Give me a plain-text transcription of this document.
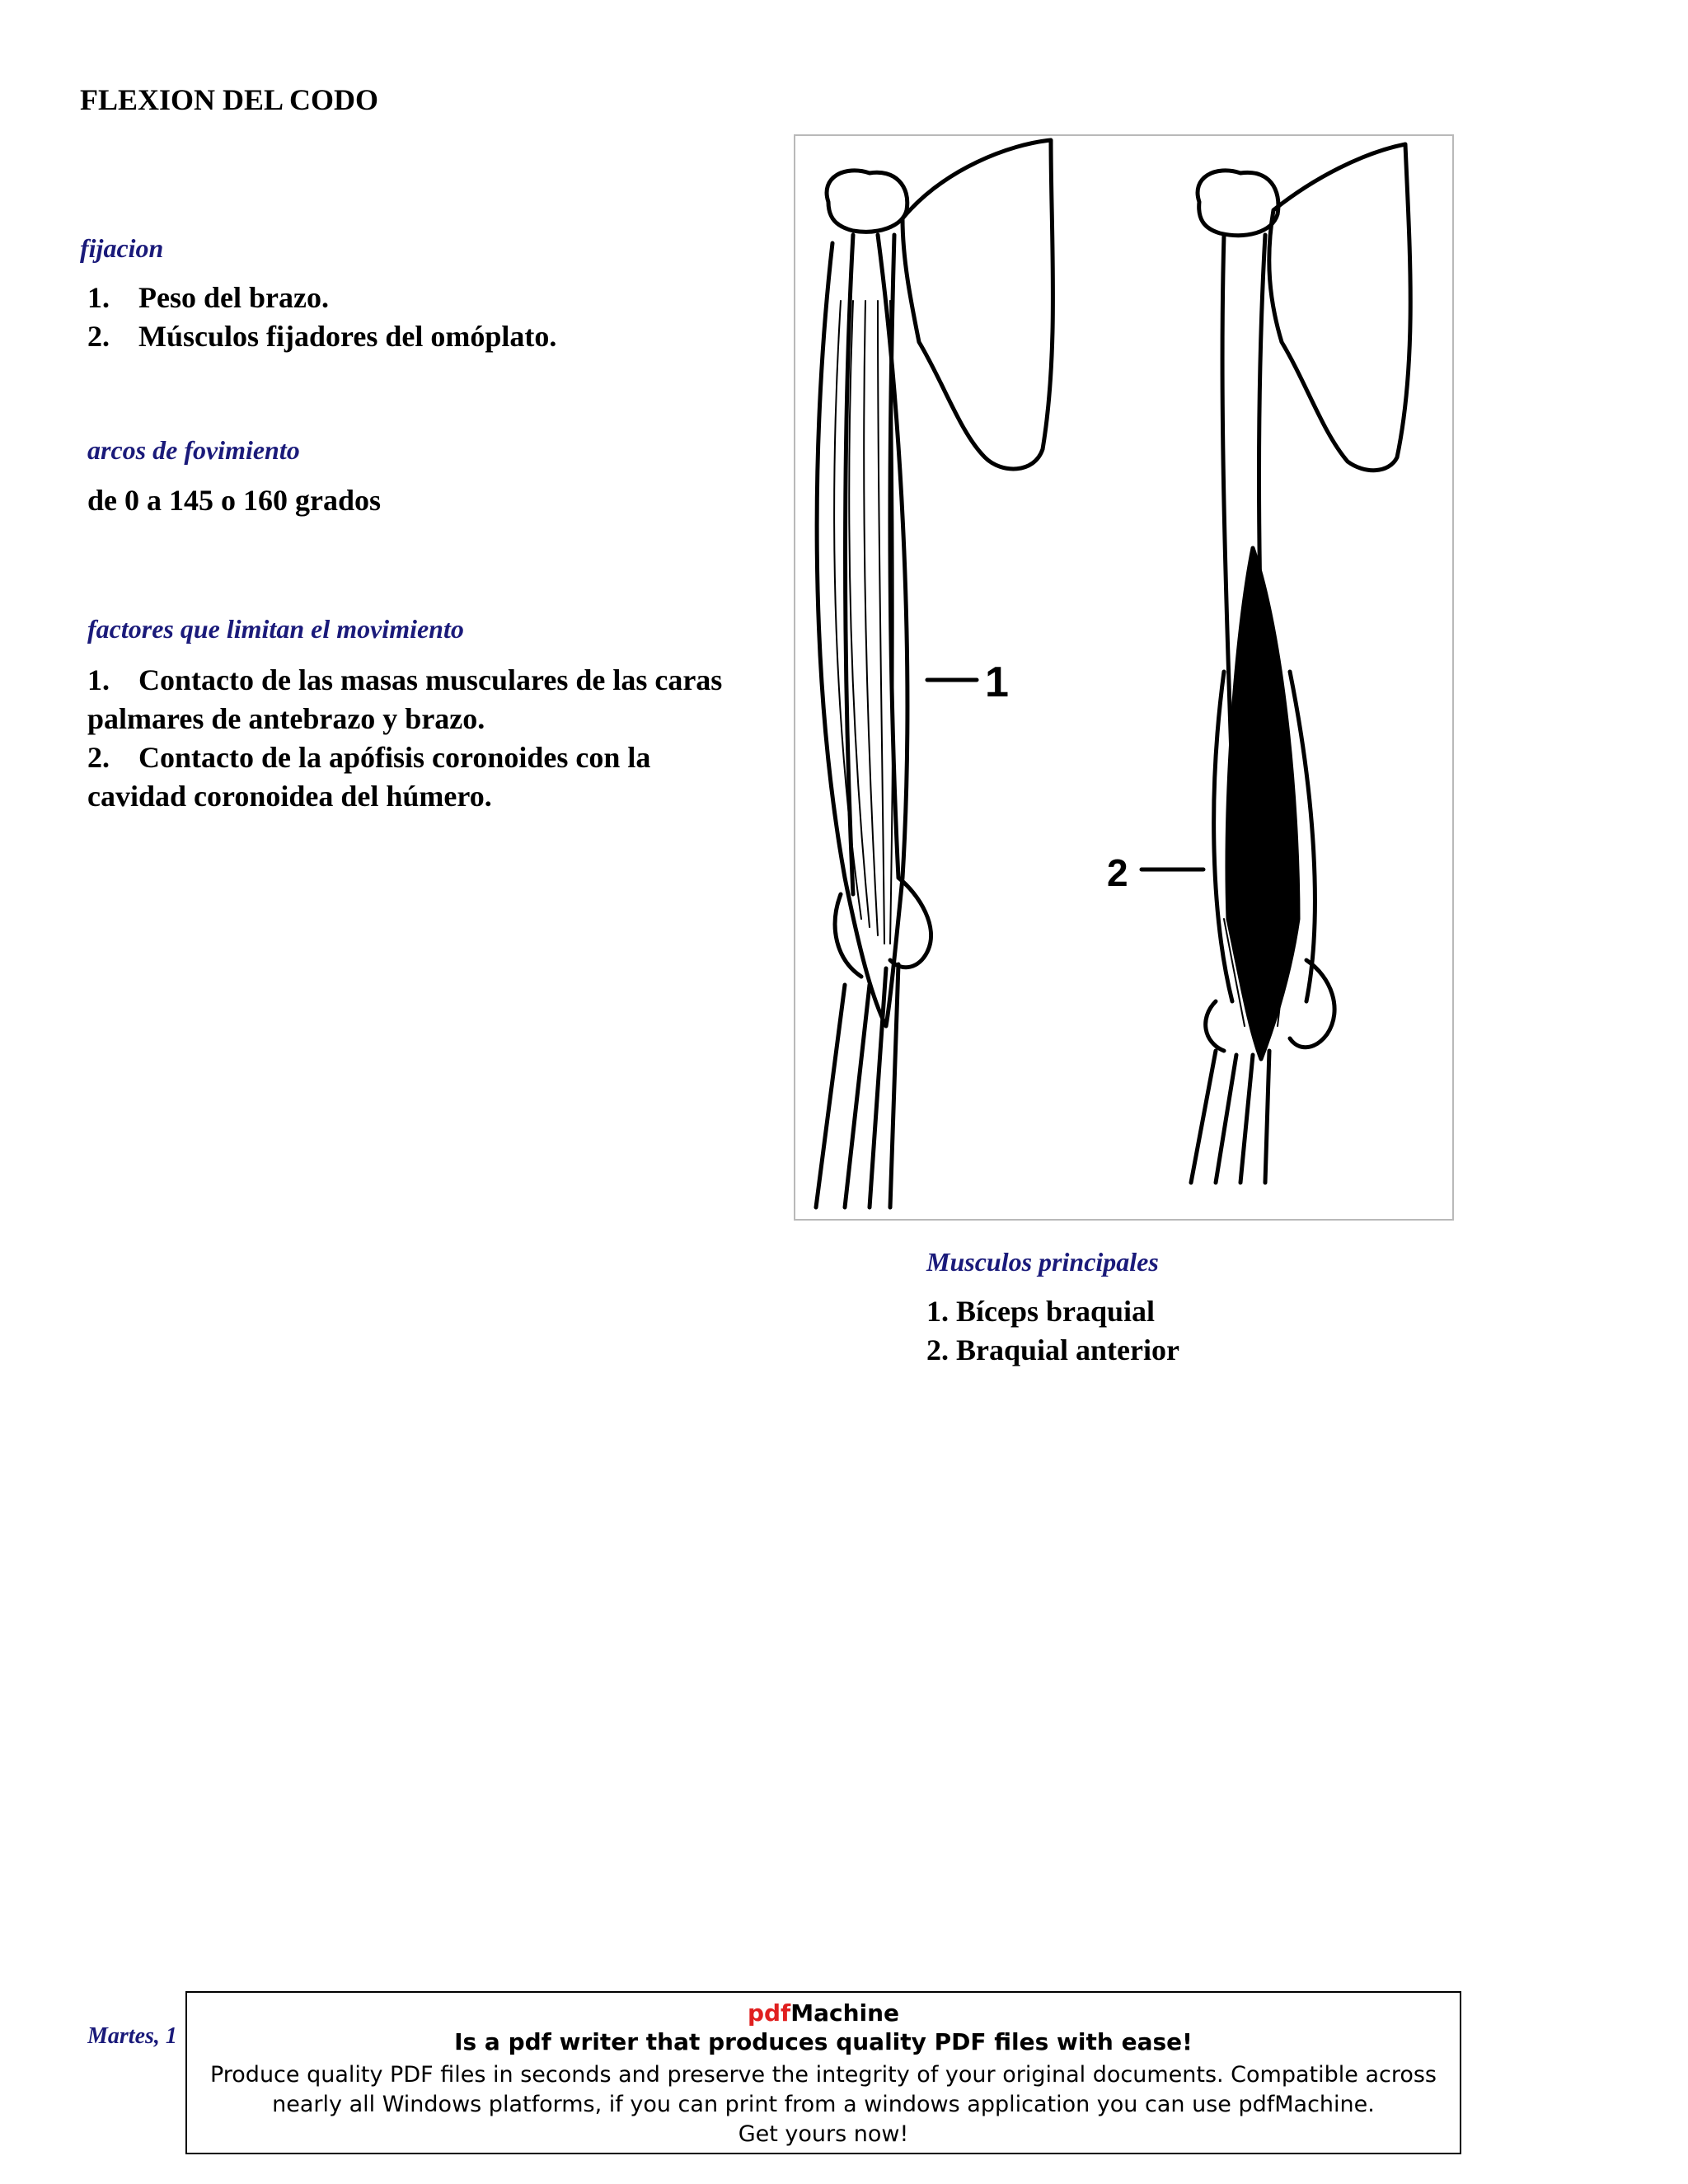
FLEXION DEL CODO
fijacion
1. Peso del brazo.
2. Músculos fijadores del omóplato.
arcos de fovimiento

de 0 a 145 o 160 grados

factores que limitan el movimiento

1. Contacto de las masas musculares de las caras palmares de antebrazo y brazo.

2. Contacto de la apófisis coronoides con la cavidad coronoidea del húmero.

1
2
Musculos principales

1. Bíceps braquial

2. Braquial anterior

Martes, 1
pdfMachine
Is a pdf writer that produces quality PDF files with ease!
Produce quality PDF files in seconds and preserve the integrity of your original documents. Compatible across
nearly all Windows platforms, if you can print from a windows application you can use pdfMachine.
Get yours now!
